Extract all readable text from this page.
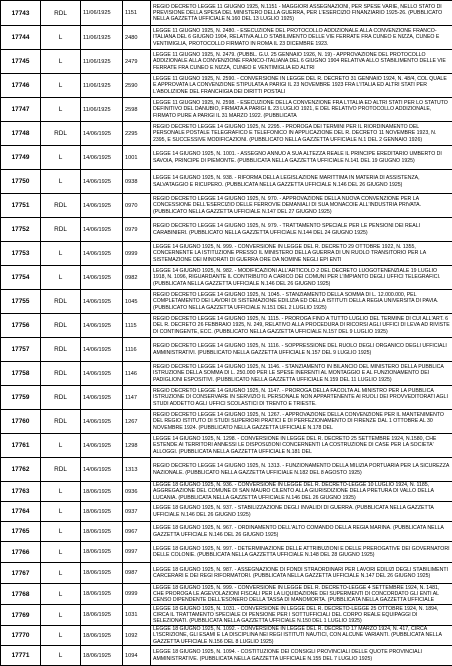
17743	RDL	11/06/1925	1151	REGIO DECRETO LEGGE 11 GIUGNO 1925, N.1151 - MAGGIORI ASSEGNAZIONI, PER SPESE VARIE, NELLO STATO DI PREVISIONE DELLA SPESA DEL MINISTERO DELLA GUERRA, PER L'ESERCIZIO FINANZIARIO 1925-26. (PUBBLICATO NELLA GAZZETTA UFFICIALE N.160 DEL 13 LUGLIO 1925)
17744	L	11/06/1925	2480	LEGGE 11 GIUGNO 1925, N. 2480. - ESECUZIONE DEL PROTOCOLLO ADDIZIONALE ALLA CONVENZIONE FRANCO-ITALIANA DEL 6 GIUGNO 1904, RELATIVA ALLO STABILIMENTO DELLE VIE FERRATE FRA CUNEO E NIZZA, CUNEO E VENTIMIGLIA, PROTOCOLLO FIRMATO IN ROMA IL 23 DICEMBRE 1923.
17745	L	11/06/1925	2479	LEGGE 11 GIUGNO 1925, N. 2479. (PUBBL. G.U. 25 GENNAIO 1926, N. 19) - APPROVAZIONE DEL PROTOCOLLO ADDIZIONALE ALLA CONVENZIONE FRANCO-ITALIANA DEL 6 GIUGNO 1904 RELATIVA ALLO STABILIMENTO DELLE VIE FERRATE FRA CUNEO E NIZZA, CUNEO E VENTIMIGLIA ED ALTRI
17746	L	11/06/1925	2590	LEGGE 11 GIUGNO 1925, N. 2590. - CONVERSIONE IN LEGGE DEL R. DECRETO 31 GENNAIO 1924, N. 48/4, COL QUALE E APPROVATA LA CONVENZIONE STIPULATA A PARIGI IL 23 NOVEMBRE 1923 FRA L'ITALIA ED ALTRI STATI PER L'ABOLIZIONE DEL FRANCHIGIA DEI DIRITTI POSTALI
17747	L	11/06/1925	2598	LEGGE 11 GIUGNO 1925, N. 2598. - ESECUZIONE DELLA CONVENZIONE FRA L'ITALIA ED ALTRI STATI PER LO STATUTO DEFINITIVO DEL DANUBIO, FIRMATA A PARIGI IL 23 LUGLIO 1921, E DEL RELATIVO PROTOCOLLO ADDIZIONALE, FIRMATO PURE A PARIGI IL 31 MARZO 1922. (PUBBLICATA
17748	RDL	14/06/1925	2295	REGIO DECRETO LEGGE 14 GIUGNO 1925, N. 2295. - PROROGA DEI TERMINI PER IL RIORDINAMENTO DEL PERSONALE POSTALE TELEGRAFICO E TELEFONICO IN APPLICAZIONE DEL R. DECRETO 11 NOVEMBRE 1923, N. 2395, E SUCCESSIVE MODIFICAZIONI. (PUBBLICATO NELLA GAZZETTA UFFICIALE N.1 DEL 2 GENNAIO 1926)
17749	L	14/06/1925	1001	LEGGE 14 GIUGNO 1925, N. 1001. - ASSEGNO ANNUO A SUA ALTEZZA REALE IL PRINCIPE EREDITARIO UMBERTO DI SAVOIA, PRINCIPE DI PIEMONTE. (PUBBLICATA NELLA GAZZETTA UFFICIALE N.141 DEL 19 GIUGNO 1925)
17750	L	14/06/1925	0938	LEGGE 14 GIUGNO 1925, N. 938. - RIFORMA DELLA LEGISLAZIONE MARITTIMA IN MATERIA DI ASSISTENZA, SALVATAGGIO E RICUPERO. (PUBBLICATA NELLA GAZZETTA UFFICIALE N.146 DEL 26 GIUGNO 1925)
17751	RDL	14/06/1925	0970	REGIO DECRETO LEGGE 14 GIUGNO 1925, N. 970. - APPROVAZIONE DELLA NUOVA CONVENZIONE PER LA CONCESSIONE DELL'ESERCIZIO DELLE FERROVIE DEMANIALI DI SUA MONACOIE ALL'INDUSTRIA PRIVATA. (PUBBLICATO NELLA GAZZETTA UFFICIALE N.147 DEL 27 GIUGNO 1925)
17752	RDL	14/06/1925	0979	REGIO DECRETO LEGGE 14 GIUGNO 1925, N. 979. - TRATTAMENTO SPECIALE PER LE PENSIONI DEI REALI CARABINIERI. (PUBBLICATO NELLA GAZZETTA UFFICIALE N.144 DEL 24 GIUGNO 1925)
17753	L	14/06/1925	0999	LEGGE 14 GIUGNO 1925, N. 999. - CONVERSIONE IN LEGGE DEL R. DECRETO 29 OTTOBRE 1922, N. 1355, CONCERNENTE LA ISTITUZIONE PRESSO IL MINISTERO DELLA GUERRA DI UN RUOLO TRANSITORIO PER LA SISTEMAZIONE DEI MINORATI DI GUERRA ORE DA NOMINE NEGLI EPI ENTI
17754	L	14/06/1925	0982	LEGGE 14 GIUGNO 1925, N. 982. - MODIFICAZIONI ALL'ARTICOLO 2 DEL DECRETO LUOGOTENENZIALE 19 LUGLIO 1918, N. 1096, RIGUARDANTE IL CONTRIBUTO A CARICO DEI COMUNI PER L'IMPIANTO DEGLI UFFICI TELEGRAFICI. (PUBBLICATA NELLA GAZZETTA UFFICIALE N.146 DEL 26 GIUGNO 1925)
17755	RDL	14/06/1925	1045	REGIO DECRETO LEGGE 14 GIUGNO 1925, N. 1045. - STANZIAMENTO DELLA SOMMA DI L. 12.000.000, PEL COMPLETAMENTO DEI LAVORI DI SISTEMAZIONE EDILIZIA ED DELLA ISTITUTI DELLA REGIA UNIVERSITA DI PAVIA. (PUBBLICATO NELLA GAZZETTA UFFICIALE N.151 DEL 2 LUGLIO 1925)
17756	RDL	14/06/1925	1115	REGIO DECRETO LEGGE 14 GIUGNO 1925, N. 1115. - PROROGA FINO A TUTTO LUGLIO DEL TERMINE DI CUI ALL'ART. 6 DEL R. DECRETO 26 FEBBRAIO 1925, N. 249, RELATIVO ALLA PROCEDURA DI RICORSI AGLI UFFICI DI LEVA AD RIVISTE DI CONTINGENTE, ECC. (PUBBLICATO NELLA GAZZETTA UFFICIALE N.157 DEL 9 LUGLIO 1925)
17757	RDL	14/06/1925	1116	REGIO DECRETO LEGGE 14 GIUGNO 1925, N. 1116. - SOPPRESSIONE DEL RUOLO DEGLI ORGANICO DEGLI UFFICIALI AMMINISTRATIVI. (PUBBLICATO NELLA GAZZETTA UFFICIALE N.157 DEL 9 LUGLIO 1925)
17758	RDL	14/06/1925	1146	REGIO DECRETO LEGGE 14 GIUGNO 1925, N. 1146. - STANZIAMENTO IN BILANCIO DEL MINISTERO DELLA PUBBLICA ISTRUZIONE DELLA SOMMA DI L. 250.000 PER LE SPESE INERENTI AL MONTAGGIO E AL FUNZIONAMENTO DEI PADIGLIONI ESPOSITIVI. (PUBBLICATO NELLA GAZZETTA UFFICIALE N.159 DEL 11 LUGLIO 1925)
17759	RDL	14/06/1925	1147	REGIO DECRETO LEGGE 14 GIUGNO 1925, N. 1147. - PROROGA DELLA FACOLTA AL MINISTRO PER LA PUBBLICA ISTRUZIONE DI CONSERVARE IN SERVIZIO IL PERSONALE NON APPARTENENTE AI RUOLI DEI PROVVEDITORATI AGLI STUDI ADDETTO AGLI UFFICI SCOLASTICI DI TRENTO E TRIESTE.
17760	RDL	14/06/1925	1267	REGIO DECRETO LEGGE 14 GIUGNO 1925, N. 1267. - APPROVAZIONE DELLA CONVENZIONE PER IL MANTENIMENTO DEL REGIO ISTITUTO DI STUDI SUPERIORI PRATICI E DI PERFEZIONAMENTO DI FIRENZE DAL 1 OTTOBRE AL 30 NOVEMBRE 1924. (PUBBLICATO NELLA GAZZETTA UFFICIALE N.178 DEL
17761	L	14/06/1925	1298	LEGGE 14 GIUGNO 1925, N. 1298. - CONVERSIONE IN LEGGE DEL R. DECRETO 25 SETTEMBRE 1924, N.1580, CHE ESTENDE AI TERRITORI ANNESSI LE DISPOSIZIONI CONCERNENTI LA COSTRUZIONE DI CASE PER LA SOCIETA' ALLOGGI. (PUBBLICATA NELLA GAZZETTA UFFICIALE N.181 DEL
17762	RDL	14/06/1925	1313	REGIO DECRETO LEGGE 14 GIUGNO 1925, N. 1313. - FUNZIONAMENTO DELLA MILIZIA PORTUARIA PER LA SICUREZZA NAZIONALE. (PUBBLICATO NELLA GAZZETTA UFFICIALE N.182 DEL 8 AGOSTO 1925)
17763	L	18/06/1925	0936	LEGGE 18 GIUGNO 1925, N. 936. - CONVERSIONE IN LEGGE DEL R. DECRETO-LEGGE 10 LUGLIO 1924, N. 1185, AGGREGAZIONE DEL COMUNE DI SAN MAURO CILENTO ALLA GIURISDIZIONE DELLA PRETURA DI VALLO DELLA LUCANIA. (PUBBLICATA NELLA GAZZETTA UFFICIALE N.146 DEL 26 GIUGNO 1925)
17764	L	18/06/1925	0937	LEGGE 18 GIUGNO 1925, N. 937. - STABILIZZAZIONE DEGLI INVALIDI DI GUERRA. (PUBBLICATA NELLA GAZZETTA UFFICIALE N.146 DEL 26 GIUGNO 1925)
17765	L	18/06/1925	0967	LEGGE 18 GIUGNO 1925, N. 967. - ORDINAMENTO DELL'ALTO COMANDO DELLA REGIA MARINA. (PUBBLICATA NELLA GAZZETTA UFFICIALE N.146 DEL 26 GIUGNO 1925)
17766	L	18/06/1925	0997	LEGGE 18 GIUGNO 1925, N. 997. - DETERMINAZIONE DELLE ATTRIBUZIONI E DELLE PREROGATIVE DEI GOVERNATORI DELLE COLONIE. (PUBBLICATA NELLA GAZZETTA UFFICIALE N.148 DEL 28 GIUGNO 1925)
17767	L	18/06/1925	0987	LEGGE 18 GIUGNO 1925, N. 987. - ASSEGNAZIONE DI FONDI STRAORDINARI PER LAVORI EDILIZI DEGLI STABILIMENTI CARCERARI E DEI REGI RIFORMATORI. (PUBBLICATA NELLA GAZZETTA UFFICIALE N.147 DEL 26 GIUGNO 1925)
17768	L	18/06/1925	0999	LEGGE 18 GIUGNO 1925, N. 999. - CONVERSIONE IN LEGGE DEL R. DECRETO-LEGGE 4 SETTEMBRE 1924, N. 1481, CHE PROROGA LE AGEVOLAZIONI FISCALI PER LA LIQUIDAZIONE DEI SUPERMENTI DI CONCORDATO GLI ENTI AL CENSO DIPENDENTE DELL'ESONERO DELLA TASSA DI MANOMORTA. (PUBBLICATA NELLA GAZZETTA UFFICIALE
17769	L	18/06/1925	1031	LEGGE 18 GIUGNO 1925, N. 1031. - CONVERSIONE IN LEGGE DEL R. DECRETO-LEGGE 25 OTTOBRE 1924, N. 1894, CIRCA IL TRATTAMENTO SPECIALE DI PENSIONE PER I SOTTUFFICIALI DEL CORPO REALE EQUIPAGGI DI SELEZIONATI. (PUBBLICATA NELLA GAZZETTA UFFICIALE N.150 DEL 1 LUGLIO 1925)
17770	L	18/06/1925	1092	LEGGE 18 GIUGNO 1925, N. 1092. - CONVERSIONE IN LEGGE DEL R. DECRETO 17 MARZO 1924, N. 417, CIRCA L'ISCRIZIONE, GLI ESAMI E LA DISCIPLINA NEI REGI ISTITUTI NAUTICI, CON ALCUNE VARIANTI. (PUBBLICATA NELLA GAZZETTA UFFICIALE N.156 DEL 8 LUGLIO 1925)
17771	L	18/06/1925	1094	LEGGE 18 GIUGNO 1925, N. 1094. - COSTITUZIONE DEI CONSIGLI PROVINCIALI DELLE QUOTE PROVINCIALI AMMINISTRATIVE. (PUBBLICATA NELLA GAZZETTA UFFICIALE N.155 DEL 7 LUGLIO 1925)
